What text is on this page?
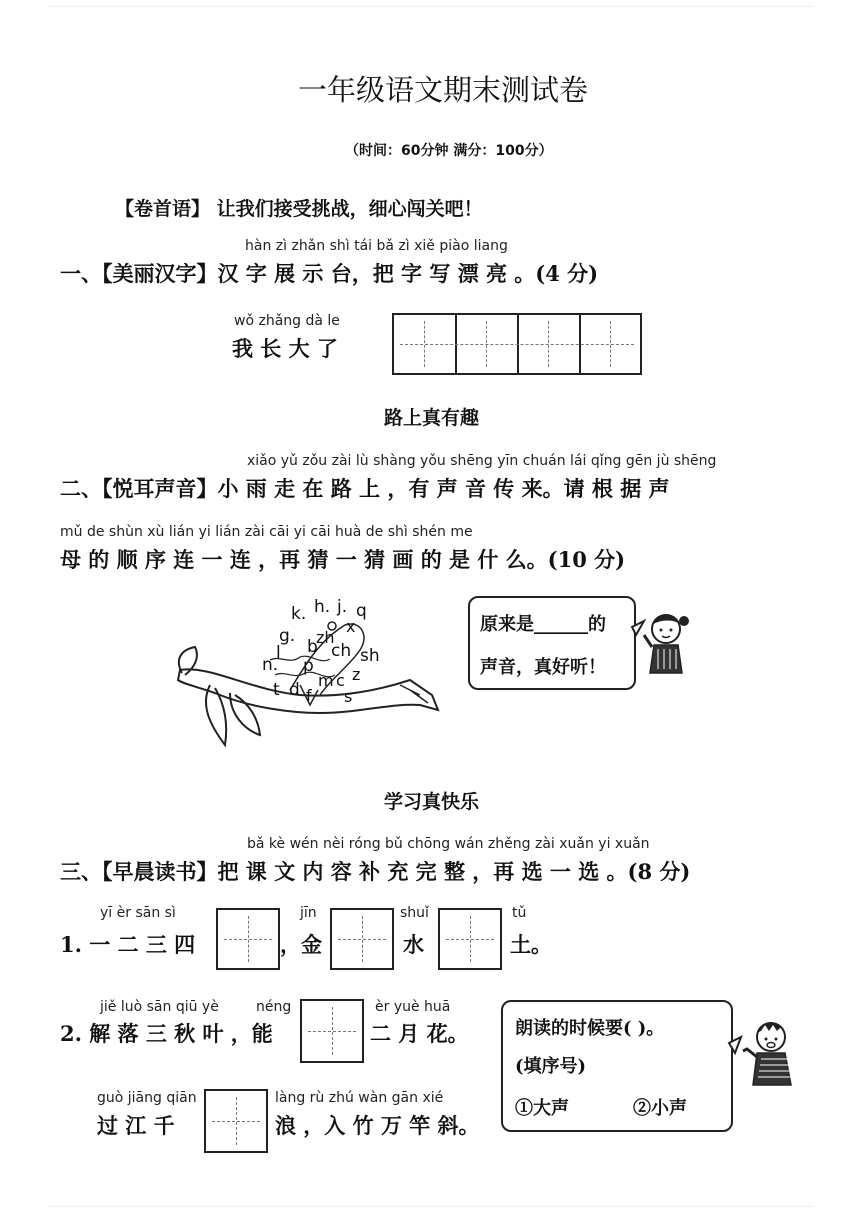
一年级语文期末测试卷
（时间：60分钟 满分：100分）
【卷首语】 让我们接受挑战，细心闯关吧！
hàn zì zhǎn shì tái bǎ zì xiě piào liang
一、【美丽汉字】汉 字 展 示 台，把 字 写 漂 亮 。(4 分)
wǒ zhǎng dà le
我 长 大 了
路上真有趣
xiǎo yǔ zǒu zài lù shàng yǒu shēng yīn chuán lái qǐng gēn jù shēng
二、【悦耳声音】小 雨 走 在 路 上 ，有 声 音 传 来。请 根 据 声
mǔ de shùn xù lián yi lián zài cāi yi cāi huà de shì shén me
母 的 顺 序 连 一 连 ，再 猜 一 猜 画 的 是 什 么。(10 分)
k. h. j. q
x
g. zh
l b ch sh
n. p
m c z
t d f s
原来是______的
声音，真好听！
学习真快乐
bǎ kè wén nèi róng bǔ chōng wán zhěng zài xuǎn yi xuǎn
三、【早晨读书】把 课 文 内 容 补 充 完 整 ，再 选 一 选 。(8 分)
yī èr sān sì	jīn	shuǐ	tǔ
1. 一 二 三 四	，金	水	土。
jiě luò sān qiū yè	néng	èr yuè huā
2. 解 落 三 秋 叶 ，能	二 月 花。
guò jiāng qiān	làng rù zhú wàn gān xié
过 江 千	浪 ，入 竹 万 竿 斜。
朗读的时候要( )。
(填序号)
①大声	②小声
